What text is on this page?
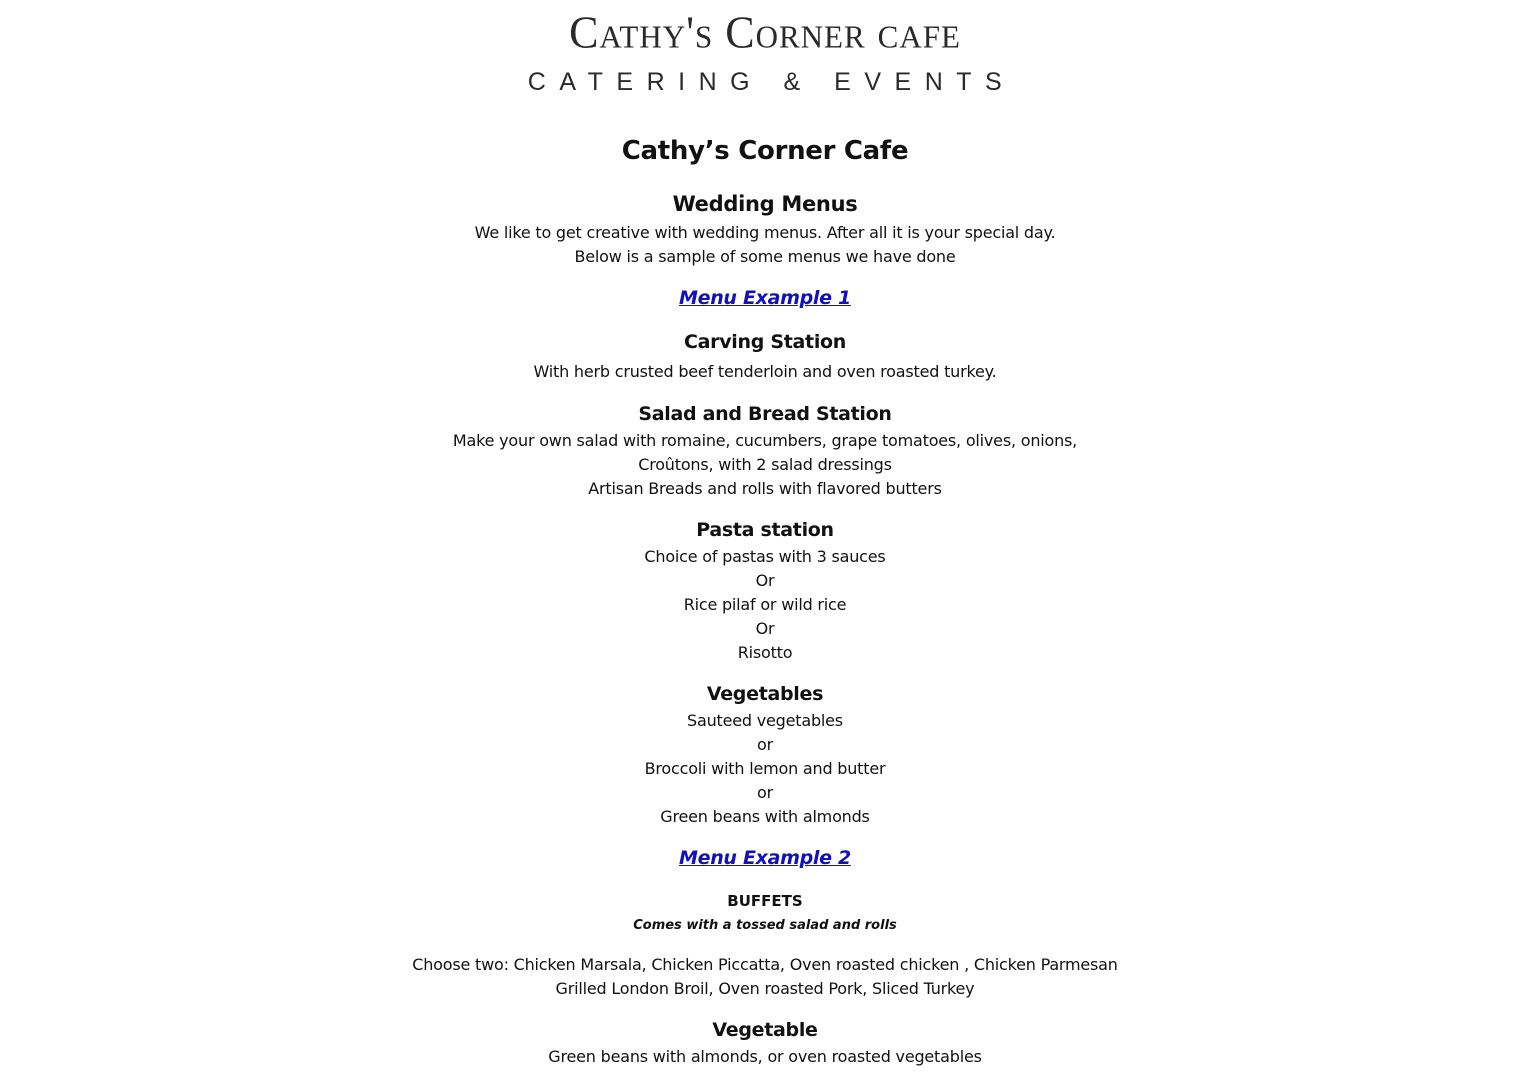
Cathy's Corner cafe
CATERING & EVENTS
Cathy’s Corner Cafe
Wedding Menus
We like to get creative with wedding menus. After all it is your special day.
Below is a sample of some menus we have done
Menu Example 1
Carving Station
With herb crusted beef tenderloin and oven roasted turkey.
Salad and Bread Station
Make your own salad with romaine, cucumbers, grape tomatoes, olives, onions,
Croûtons, with 2 salad dressings
Artisan Breads and rolls with flavored butters
Pasta station
Choice of pastas with 3 sauces
Or
Rice pilaf or wild rice
Or
Risotto
Vegetables
Sauteed vegetables
or
Broccoli with lemon and butter
or
Green beans with almonds
Menu Example 2
BUFFETS
Comes with a tossed salad and rolls
Choose two: Chicken Marsala, Chicken Piccatta, Oven roasted chicken , Chicken Parmesan
Grilled London Broil, Oven roasted Pork, Sliced Turkey
Vegetable
Green beans with almonds, or oven roasted vegetables
